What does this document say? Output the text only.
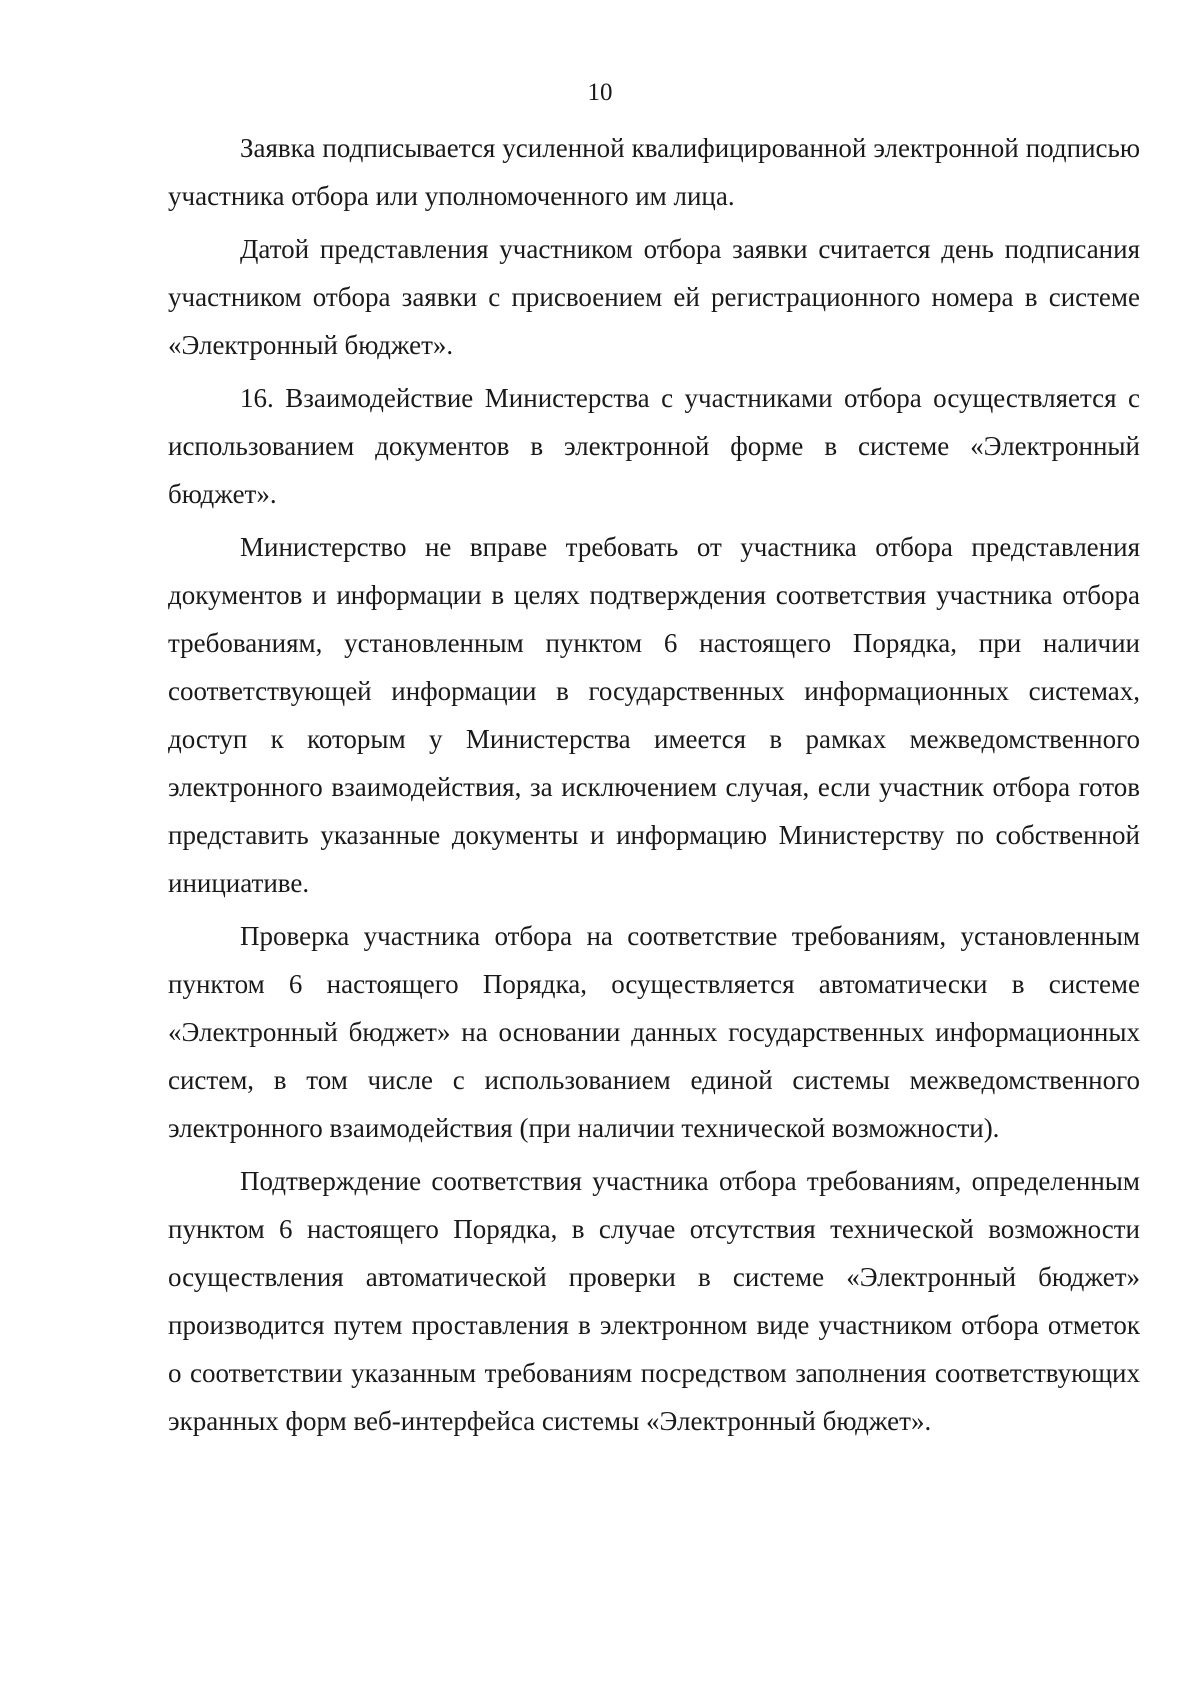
10

Заявка подписывается усиленной квалифицированной электронной подписью участника отбора или уполномоченного им лица.

Датой представления участником отбора заявки считается день подписания участником отбора заявки с присвоением ей регистрационного номера в системе «Электронный бюджет».

16. Взаимодействие Министерства с участниками отбора осуществляется с использованием документов в электронной форме в системе «Электронный бюджет».

Министерство не вправе требовать от участника отбора представления документов и информации в целях подтверждения соответствия участника отбора требованиям, установленным пунктом 6 настоящего Порядка, при наличии соответствующей информации в государственных информационных системах, доступ к которым у Министерства имеется в рамках межведомственного электронного взаимодействия, за исключением случая, если участник отбора готов представить указанные документы и информацию Министерству по собственной инициативе.

Проверка участника отбора на соответствие требованиям, установленным пунктом 6 настоящего Порядка, осуществляется автоматически в системе «Электронный бюджет» на основании данных государственных информационных систем, в том числе с использованием единой системы межведомственного электронного взаимодействия (при наличии технической возможности).

Подтверждение соответствия участника отбора требованиям, определенным пунктом 6 настоящего Порядка, в случае отсутствия технической возможности осуществления автоматической проверки в системе «Электронный бюджет» производится путем проставления в электронном виде участником отбора отметок о соответствии указанным требованиям посредством заполнения соответствующих экранных форм веб-интерфейса системы «Электронный бюджет».
